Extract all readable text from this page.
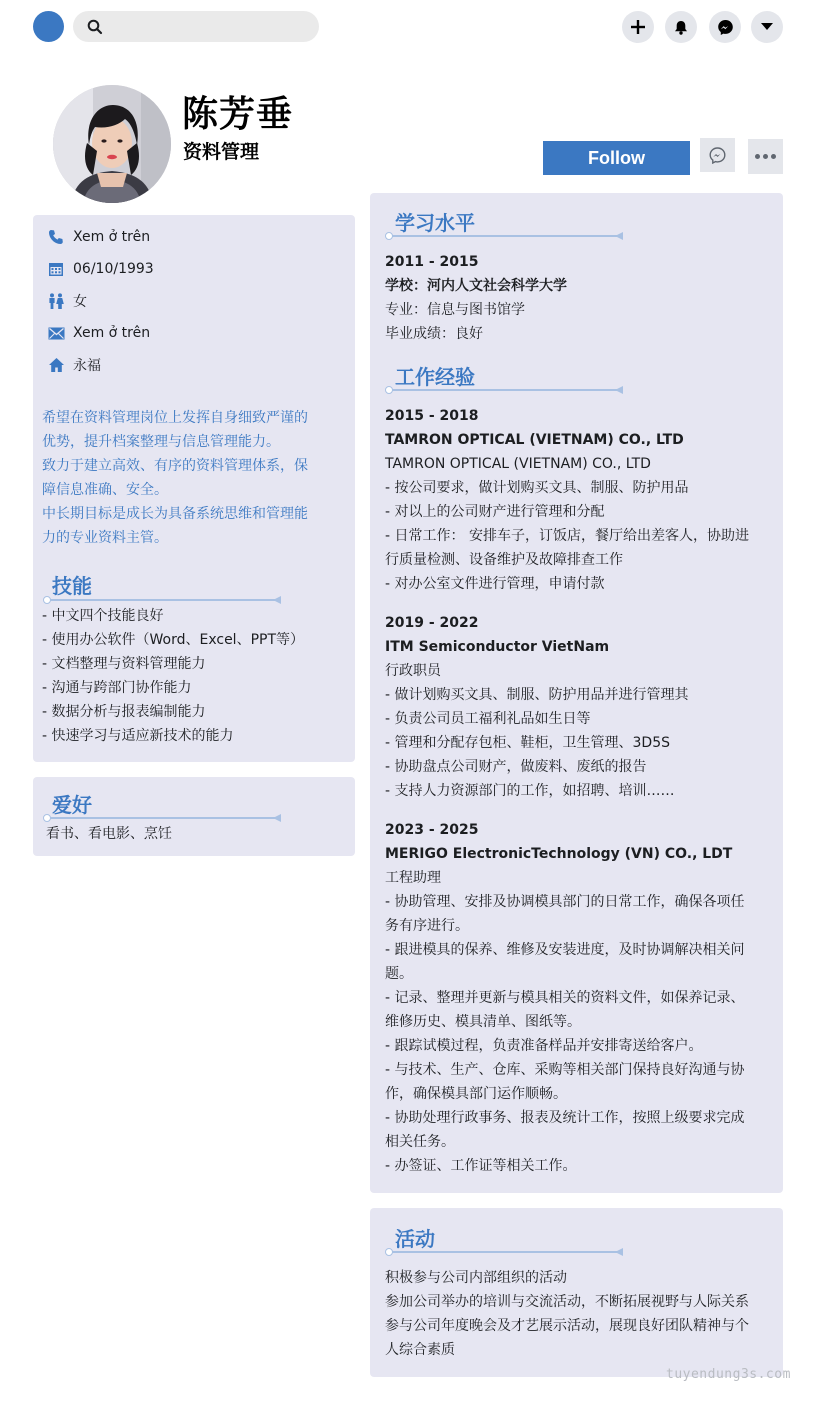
陈芳垂
资料管理	Follow
Xem ở trên
06/10/1993
女
Xem ở trên
永福
希望在资料管理岗位上发挥自身细致严谨的
优势，提升档案整理与信息管理能力。
致力于建立高效、有序的资料管理体系，保
障信息准确、安全。
中长期目标是成长为具备系统思维和管理能
力的专业资料主管。
技能
- 中文四个技能良好
- 使用办公软件（Word、Excel、PPT等）
- 文档整理与资料管理能力
- 沟通与跨部门协作能力
- 数据分析与报表编制能力
- 快速学习与适应新技术的能力
爱好
看书、看电影、烹饪
学习水平
2011 - 2015
学校：河内人文社会科学大学
专业：信息与图书馆学
毕业成绩：良好
工作经验
2015 - 2018
TAMRON OPTICAL (VIETNAM) CO., LTD
TAMRON OPTICAL (VIETNAM) CO., LTD
- 按公司要求，做计划购买文具、制服、防护用品
- 对以上的公司财产进行管理和分配
- 日常工作： 安排车子，订饭店，餐厅给出差客人，协助进
行质量检测、设备维护及故障排查工作
- 对办公室文件进行管理，申请付款
2019 - 2022
ITM Semiconductor VietNam
行政职员
- 做计划购买文具、制服、防护用品并进行管理其
- 负责公司员工福利礼品如生日等
- 管理和分配存包柜、鞋柜，卫生管理、3D5S
- 协助盘点公司财产，做废料、废纸的报告
- 支持人力资源部门的工作，如招聘、培训……
2023 - 2025
MERIGO ElectronicTechnology (VN) CO., LDT
工程助理
- 协助管理、安排及协调模具部门的日常工作，确保各项任
务有序进行。
- 跟进模具的保养、维修及安装进度，及时协调解决相关问
题。
- 记录、整理并更新与模具相关的资料文件，如保养记录、
维修历史、模具清单、图纸等。
- 跟踪试模过程，负责准备样品并安排寄送给客户。
- 与技术、生产、仓库、采购等相关部门保持良好沟通与协
作，确保模具部门运作顺畅。
- 协助处理行政事务、报表及统计工作，按照上级要求完成
相关任务。
- 办签证、工作证等相关工作。
活动
积极参与公司内部组织的活动
参加公司举办的培训与交流活动，不断拓展视野与人际关系
参与公司年度晚会及才艺展示活动，展现良好团队精神与个
人综合素质
tuyendung3s.com
